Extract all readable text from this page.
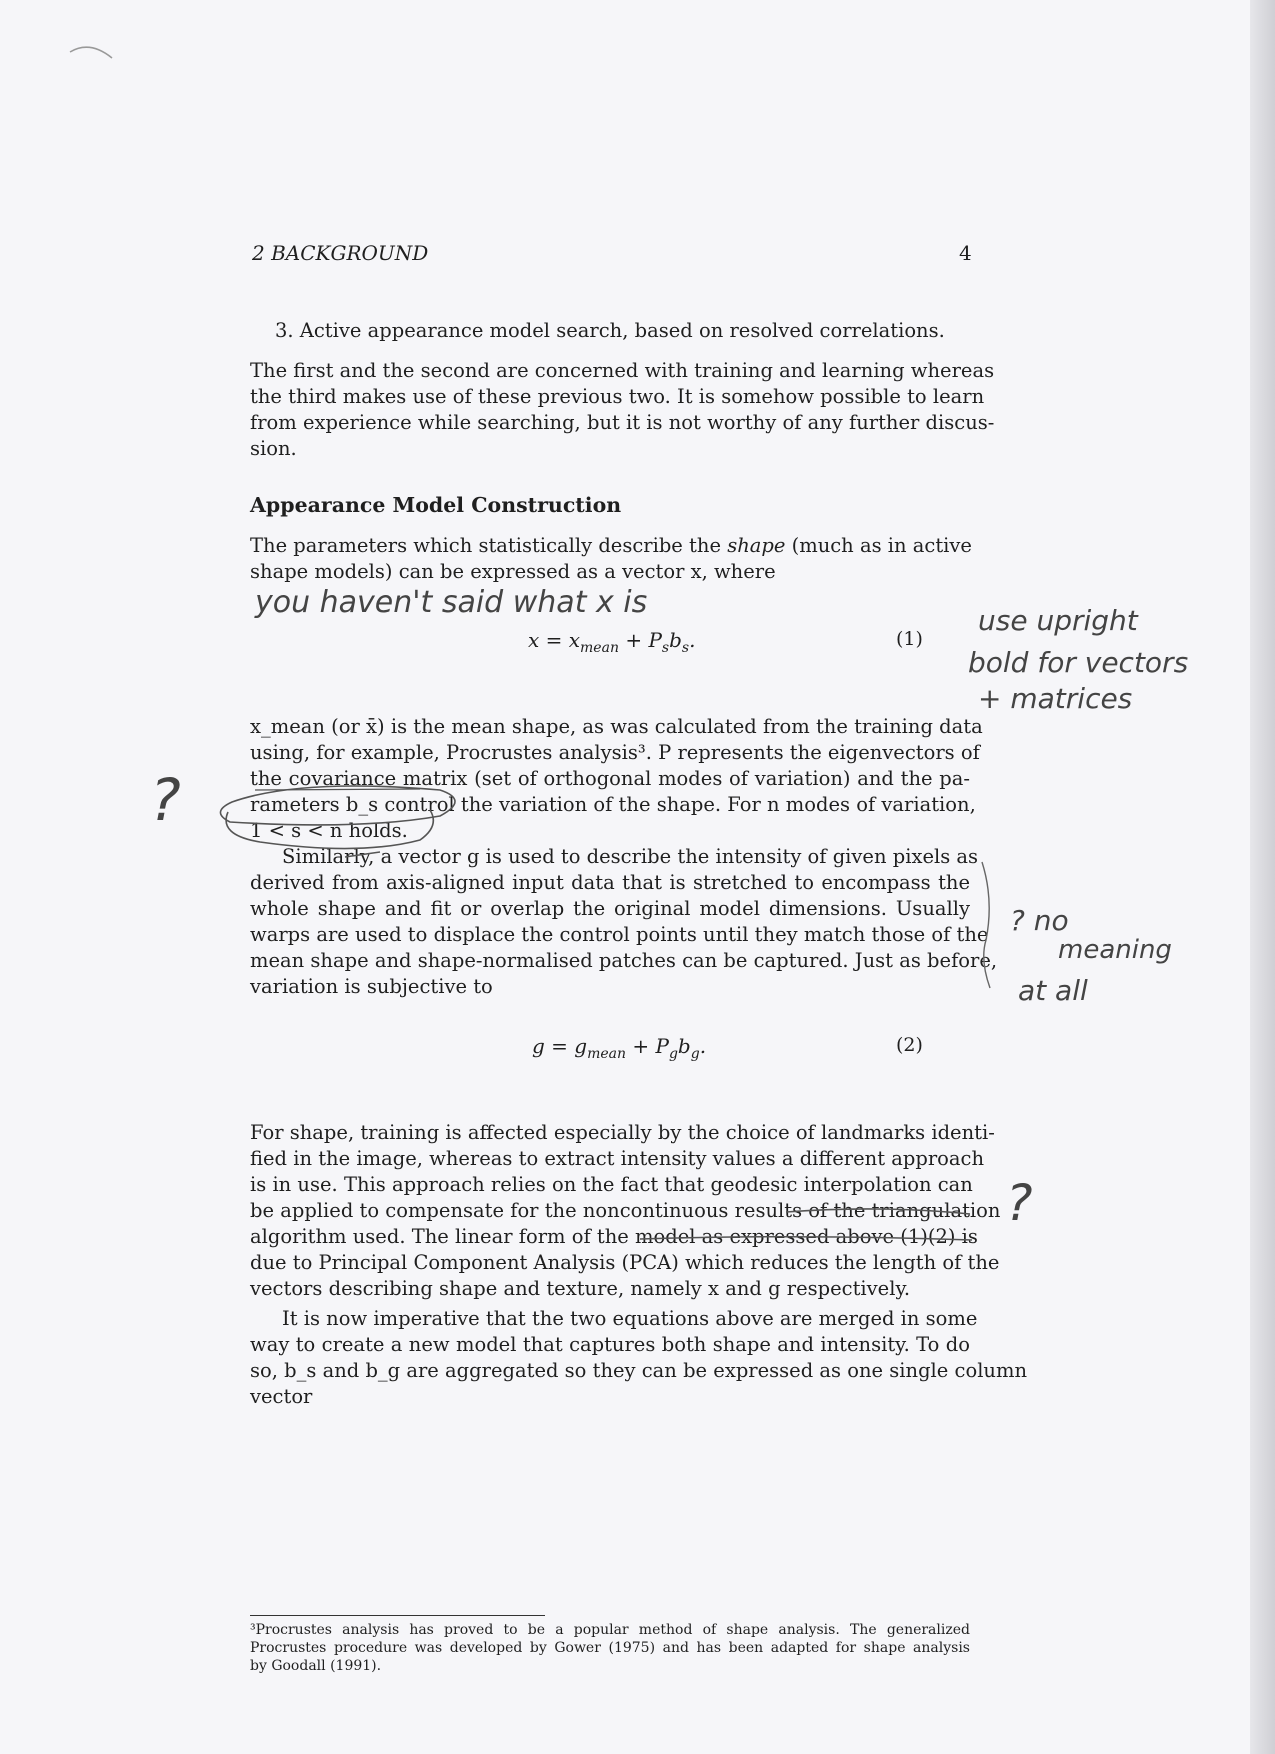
2 BACKGROUND	4
3. Active appearance model search, based on resolved correlations.
The first and the second are concerned with training and learning whereas
the third makes use of these previous two. It is somehow possible to learn
from experience while searching, but it is not worthy of any further discus-
sion.
Appearance Model Construction
The parameters which statistically describe the shape (much as in active
shape models) can be expressed as a vector x, where
$x = x_{mean} + P_sb_s$.	(1)
x_mean (or x̄) is the mean shape, as was calculated from the training data
using, for example, Procrustes analysis³. P represents the eigenvectors of
the covariance matrix (set of orthogonal modes of variation) and the pa-
rameters b_s control the variation of the shape. For n modes of variation,
1 < s < n holds.
Similarly, a vector g is used to describe the intensity of given pixels as
derived from axis-aligned input data that is stretched to encompass the
whole shape and fit or overlap the original model dimensions. Usually
warps are used to displace the control points until they match those of the
mean shape and shape-normalised patches can be captured. Just as before,
variation is subjective to
$g = g_{mean} + P_gb_g$.	(2)
For shape, training is affected especially by the choice of landmarks identi-
fied in the image, whereas to extract intensity values a different approach
is in use. This approach relies on the fact that geodesic interpolation can
be applied to compensate for the noncontinuous results of the triangulation
algorithm used. The linear form of the model as expressed above (1)(2) is
due to Principal Component Analysis (PCA) which reduces the length of the
vectors describing shape and texture, namely x and g respectively.
It is now imperative that the two equations above are merged in some
way to create a new model that captures both shape and intensity. To do
so, b_s and b_g are aggregated so they can be expressed as one single column
vector
³Procrustes analysis has proved to be a popular method of shape analysis. The generalized
Procrustes procedure was developed by Gower (1975) and has been adapted for shape analysis
by Goodall (1991).
you haven't said what x is
use upright
bold for vectors
+ matrices
?
? no
meaning
at all
?
